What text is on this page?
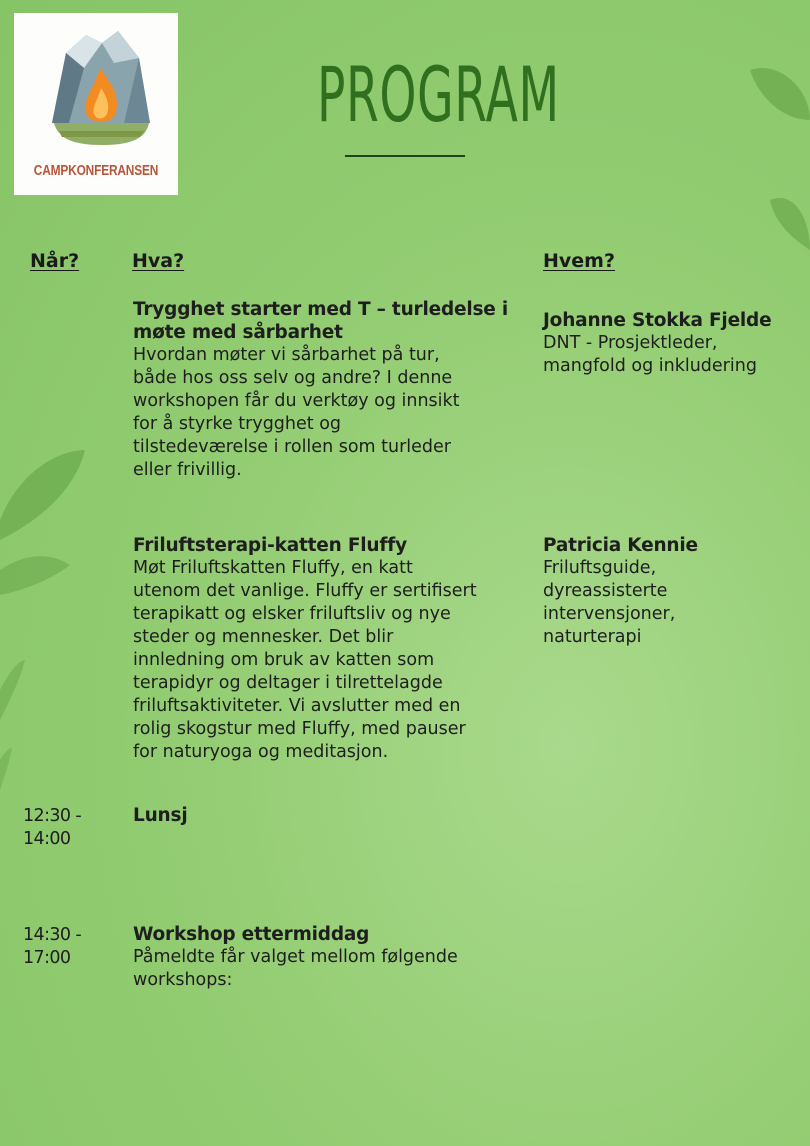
CAMPKONFERANSEN
PROGRAM
Når?	Hva?	Hvem?
Trygghet starter med T – turledelse i møte med sårbarhet
Hvordan møter vi sårbarhet på tur,
både hos oss selv og andre? I denne
workshopen får du verktøy og innsikt
for å styrke trygghet og
tilstedeværelse i rollen som turleder
eller frivillig.
Johanne Stokka Fjelde
DNT - Prosjektleder,
mangfold og inkludering
Friluftsterapi-katten Fluffy
Møt Friluftskatten Fluffy, en katt
utenom det vanlige. Fluffy er sertifisert
terapikatt og elsker friluftsliv og nye
steder og mennesker. Det blir
innledning om bruk av katten som
terapidyr og deltager i tilrettelagde
friluftsaktiviteter. Vi avslutter med en
rolig skogstur med Fluffy, med pauser
for naturyoga og meditasjon.
Patricia Kennie
Friluftsguide,
dyreassisterte
intervensjoner,
naturterapi
12:30 -
14:00
Lunsj
14:30 -
17:00
Workshop ettermiddag
Påmeldte får valget mellom følgende
workshops:
